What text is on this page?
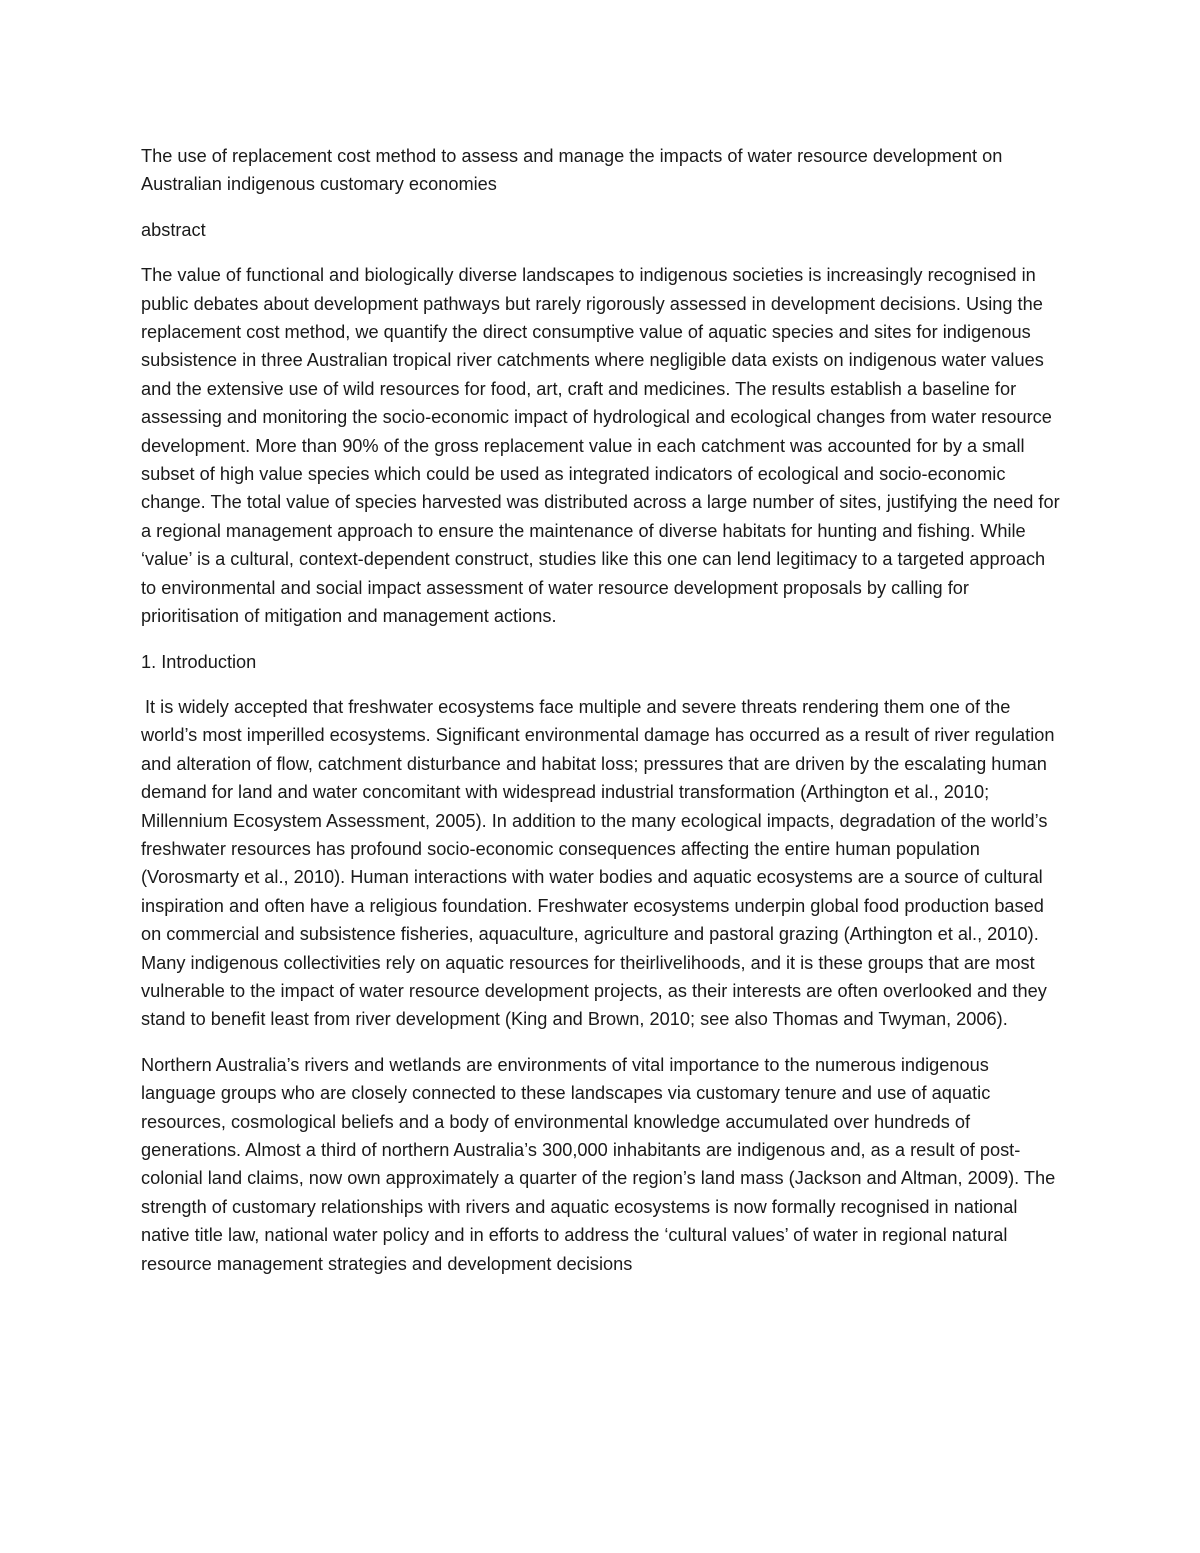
The use of replacement cost method to assess and manage the impacts of water resource development on Australian indigenous customary economies

abstract

The value of functional and biologically diverse landscapes to indigenous societies is increasingly recognised in public debates about development pathways but rarely rigorously assessed in development decisions. Using the replacement cost method, we quantify the direct consumptive value of aquatic species and sites for indigenous subsistence in three Australian tropical river catchments where negligible data exists on indigenous water values and the extensive use of wild resources for food, art, craft and medicines. The results establish a baseline for assessing and monitoring the socio-economic impact of hydrological and ecological changes from water resource development. More than 90% of the gross replacement value in each catchment was accounted for by a small subset of high value species which could be used as integrated indicators of ecological and socio-economic change. The total value of species harvested was distributed across a large number of sites, justifying the need for a regional management approach to ensure the maintenance of diverse habitats for hunting and fishing. While ‘value’ is a cultural, context-dependent construct, studies like this one can lend legitimacy to a targeted approach to environmental and social impact assessment of water resource development proposals by calling for prioritisation of mitigation and management actions.

1. Introduction

It is widely accepted that freshwater ecosystems face multiple and severe threats rendering them one of the world’s most imperilled ecosystems. Significant environmental damage has occurred as a result of river regulation and alteration of flow, catchment disturbance and habitat loss; pressures that are driven by the escalating human demand for land and water concomitant with widespread industrial transformation (Arthington et al., 2010; Millennium Ecosystem Assessment, 2005). In addition to the many ecological impacts, degradation of the world’s freshwater resources has profound socio-economic consequences affecting the entire human population (Vorosmarty et al., 2010). Human interactions with water bodies and aquatic ecosystems are a source of cultural inspiration and often have a religious foundation. Freshwater ecosystems underpin global food production based on commercial and subsistence fisheries, aquaculture, agriculture and pastoral grazing (Arthington et al., 2010). Many indigenous collectivities rely on aquatic resources for theirlivelihoods, and it is these groups that are most vulnerable to the impact of water resource development projects, as their interests are often overlooked and they stand to benefit least from river development (King and Brown, 2010; see also Thomas and Twyman, 2006).

Northern Australia’s rivers and wetlands are environments of vital importance to the numerous indigenous language groups who are closely connected to these landscapes via customary tenure and use of aquatic resources, cosmological beliefs and a body of environmental knowledge accumulated over hundreds of generations. Almost a third of northern Australia’s 300,000 inhabitants are indigenous and, as a result of post-colonial land claims, now own approximately a quarter of the region’s land mass (Jackson and Altman, 2009). The strength of customary relationships with rivers and aquatic ecosystems is now formally recognised in national native title law, national water policy and in efforts to address the ‘cultural values’ of water in regional natural resource management strategies and development decisions
